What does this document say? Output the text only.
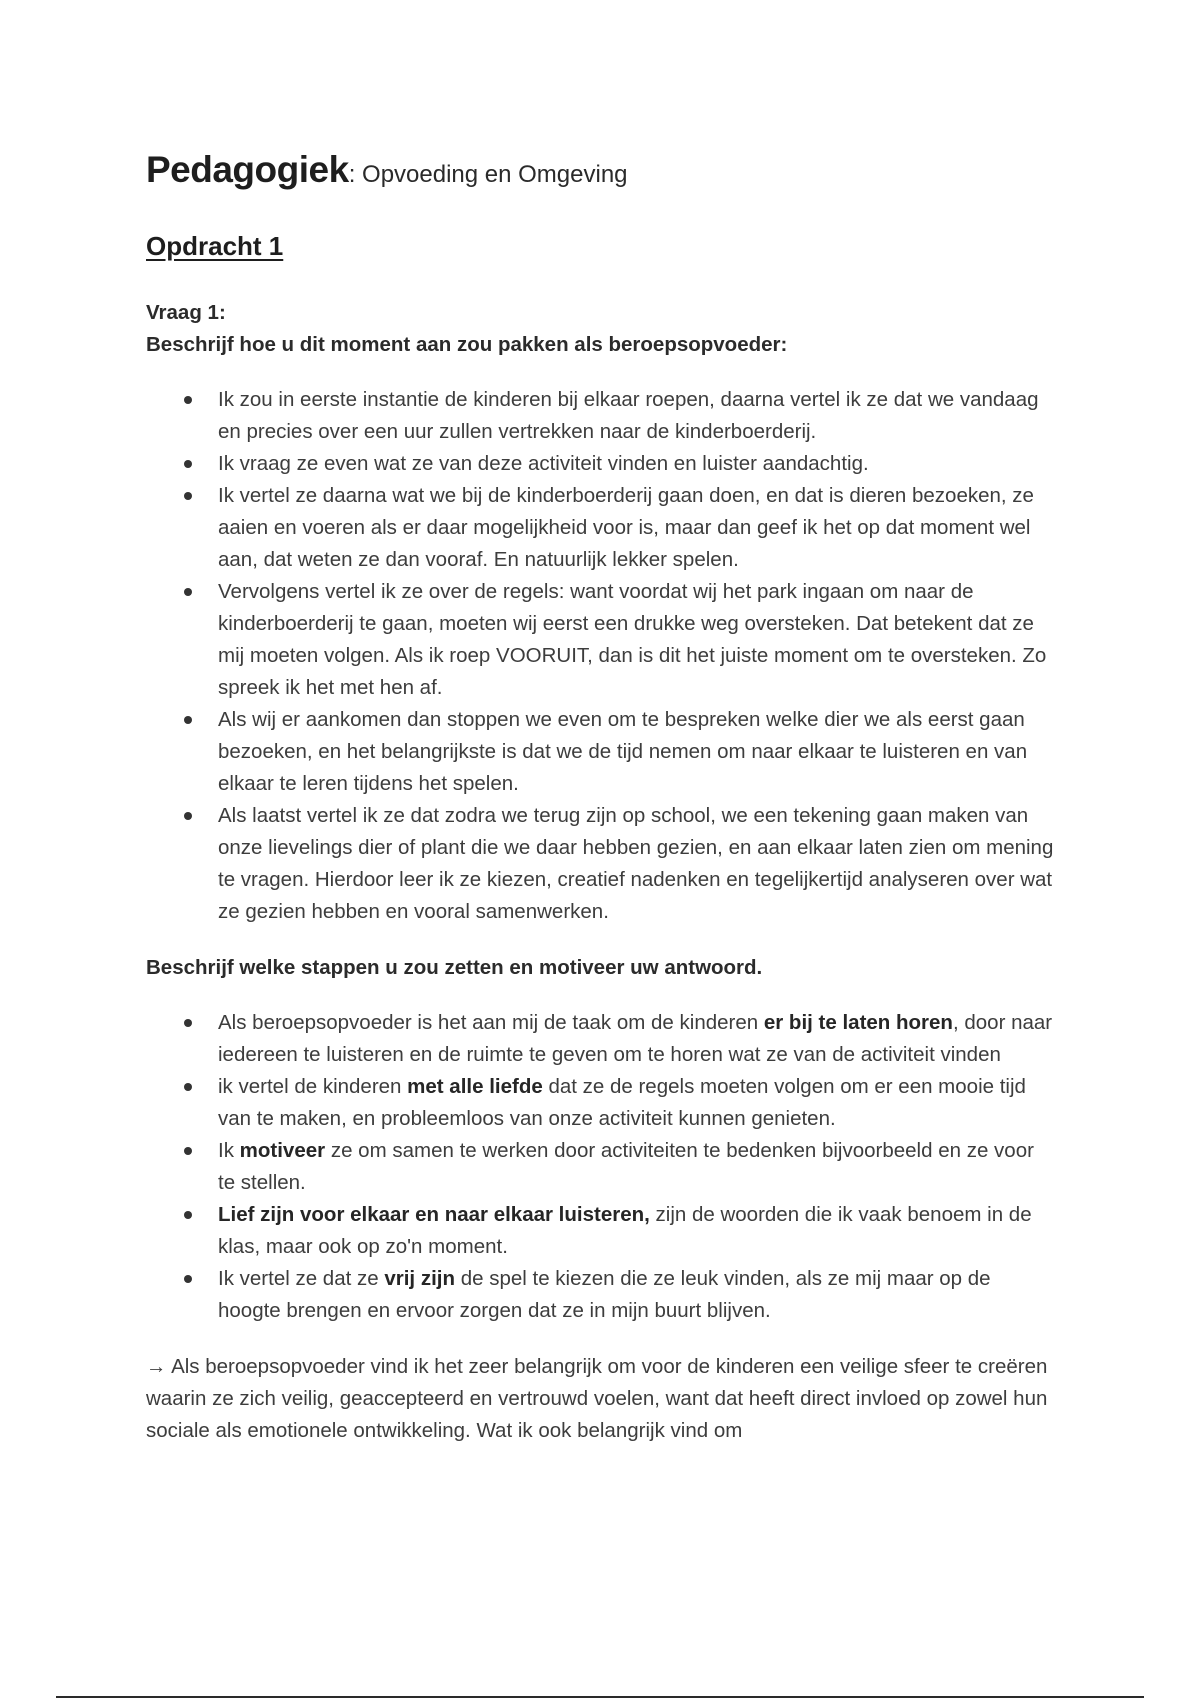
Pedagogiek: Opvoeding en Omgeving
Opdracht 1

Vraag 1:

Beschrijf hoe u dit moment aan zou pakken als beroepsopvoeder:

Ik zou in eerste instantie de kinderen bij elkaar roepen, daarna vertel ik ze dat we vandaag en precies over een uur zullen vertrekken naar de kinderboerderij.
Ik vraag ze even wat ze van deze activiteit vinden en luister aandachtig.
Ik vertel ze daarna wat we bij de kinderboerderij gaan doen, en dat is dieren bezoeken, ze aaien en voeren als er daar mogelijkheid voor is, maar dan geef ik het op dat moment wel aan, dat weten ze dan vooraf. En natuurlijk lekker spelen.
Vervolgens vertel ik ze over de regels: want voordat wij het park ingaan om naar de kinderboerderij te gaan, moeten wij eerst een drukke weg oversteken. Dat betekent dat ze mij moeten volgen. Als ik roep VOORUIT, dan is dit het juiste moment om te oversteken. Zo spreek ik het met hen af.
Als wij er aankomen dan stoppen we even om te bespreken welke dier we als eerst gaan bezoeken, en het belangrijkste is dat we de tijd nemen om naar elkaar te luisteren en van elkaar te leren tijdens het spelen.
Als laatst vertel ik ze dat zodra we terug zijn op school, we een tekening gaan maken van onze lievelings dier of plant die we daar hebben gezien, en aan elkaar laten zien om mening te vragen. Hierdoor leer ik ze kiezen, creatief nadenken en tegelijkertijd analyseren over wat ze gezien hebben en vooral samenwerken.

Beschrijf welke stappen u zou zetten en motiveer uw antwoord.

Als beroepsopvoeder is het aan mij de taak om de kinderen er bij te laten horen, door naar iedereen te luisteren en de ruimte te geven om te horen wat ze van de activiteit vinden
ik vertel de kinderen met alle liefde dat ze de regels moeten volgen om er een mooie tijd van te maken, en probleemloos van onze activiteit kunnen genieten.
Ik motiveer ze om samen te werken door activiteiten te bedenken bijvoorbeeld en ze voor te stellen.
Lief zijn voor elkaar en naar elkaar luisteren, zijn de woorden die ik vaak benoem in de klas, maar ook op zo'n moment.
Ik vertel ze dat ze vrij zijn de spel te kiezen die ze leuk vinden, als ze mij maar op de hoogte brengen en ervoor zorgen dat ze in mijn buurt blijven.

→ Als beroepsopvoeder vind ik het zeer belangrijk om voor de kinderen een veilige sfeer te creëren waarin ze zich veilig, geaccepteerd en vertrouwd voelen, want dat heeft direct invloed op zowel hun sociale als emotionele ontwikkeling. Wat ik ook belangrijk vind om
